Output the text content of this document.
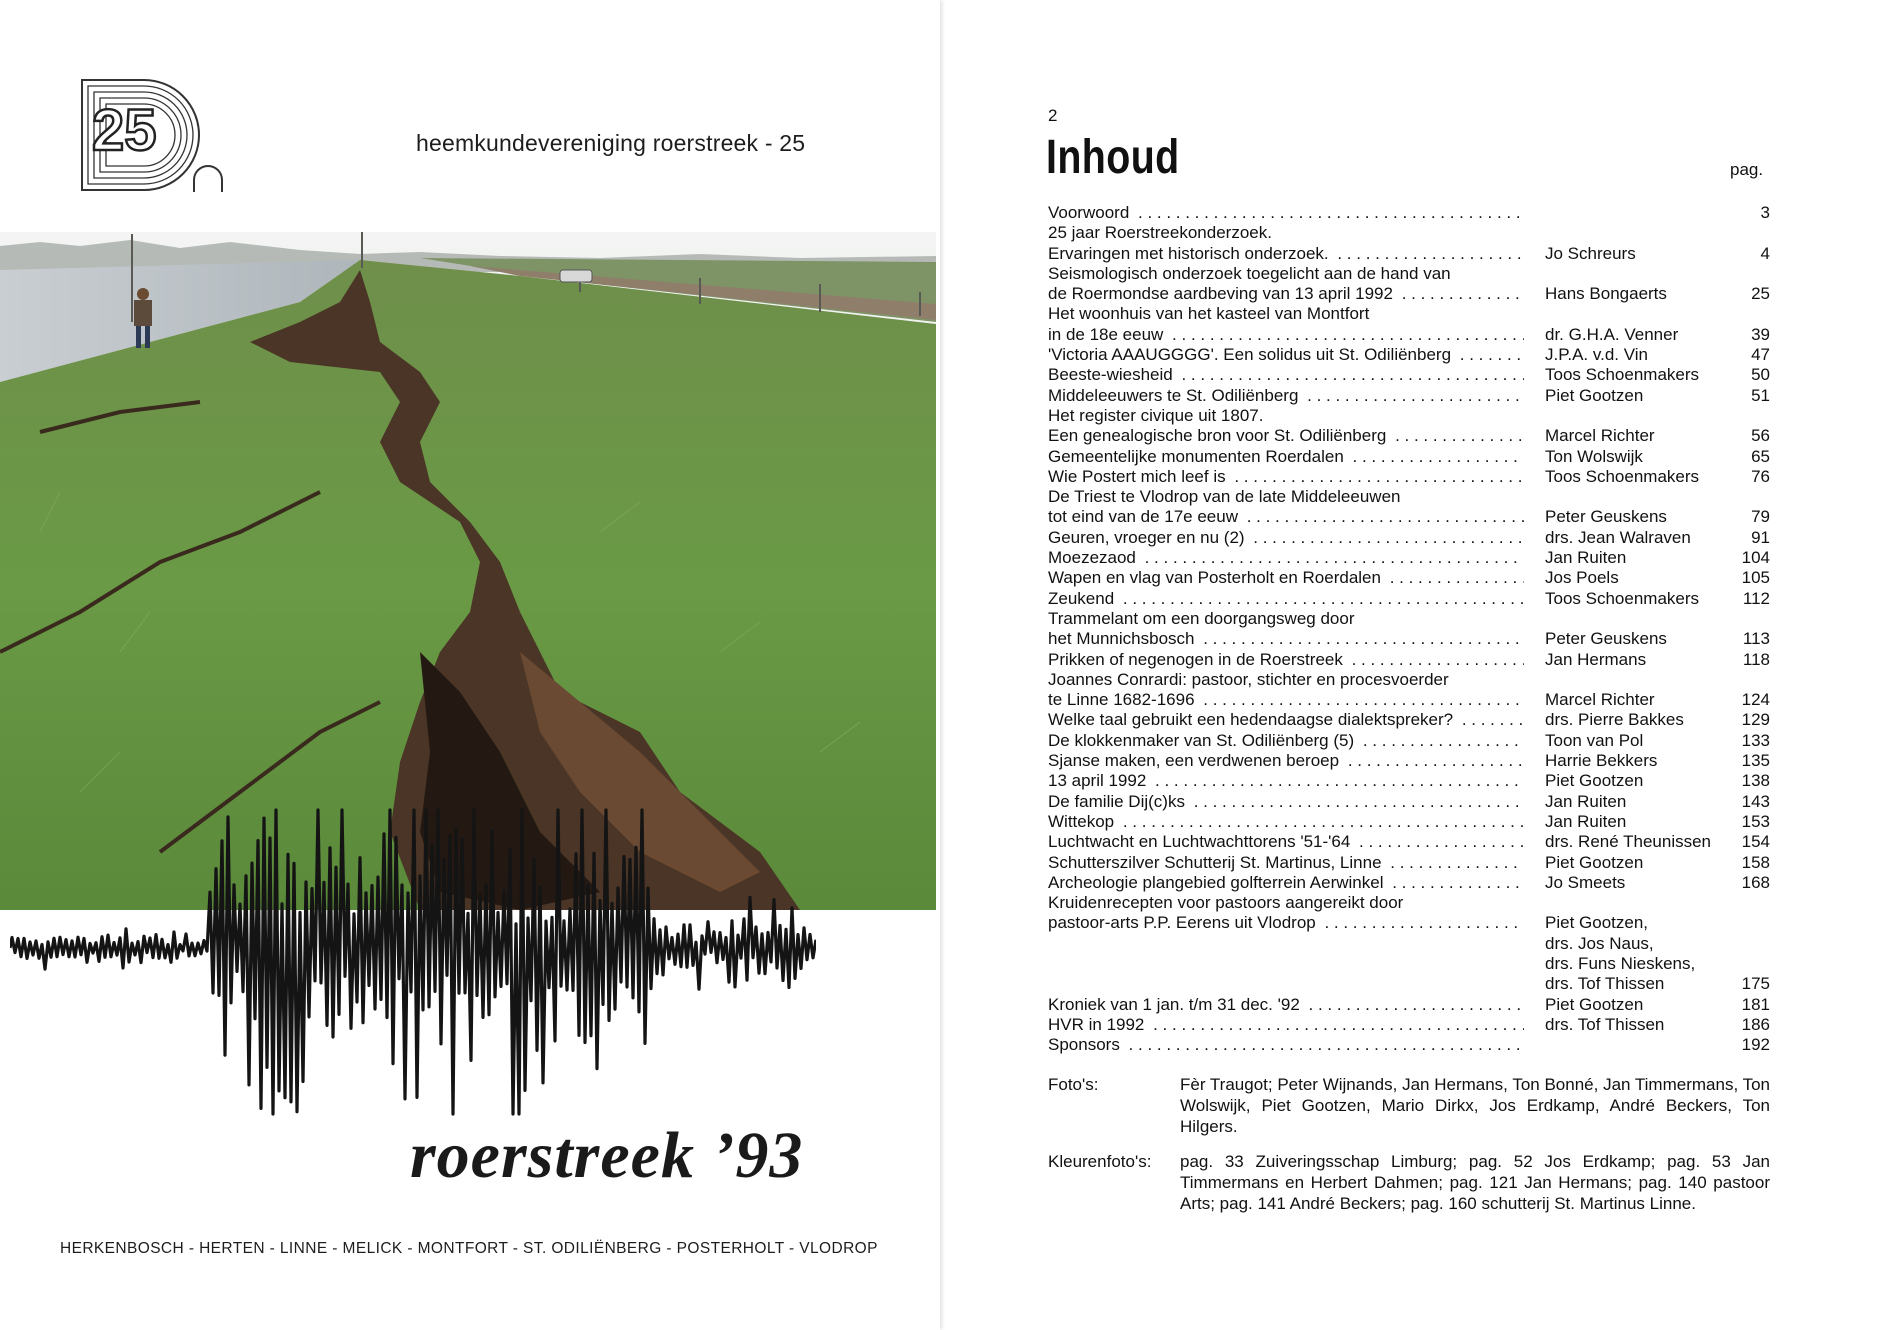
25	heemkundevereniging roerstreek - 25
roerstreek ’93
HERKENBOSCH - HERTEN - LINNE - MELICK - MONTFORT - ST. ODILIËNBERG - POSTERHOLT - VLODROP
2
Inhoud	pag.
Voorwoord . . .	3
25 jaar Roerstreekonderzoek.
Ervaringen met historisch onderzoek. . . .	Jo Schreurs	4
Seismologisch onderzoek toegelicht aan de hand van
de Roermondse aardbeving van 13 april 1992 . . .	Hans Bongaerts	25
Het woonhuis van het kasteel van Montfort
in de 18e eeuw . . .	dr. G.H.A. Venner	39
'Victoria AAAUGGGG'. Een solidus uit St. Odiliënberg . . .	J.P.A. v.d. Vin	47
Beeste-wiesheid . . .	Toos Schoenmakers	50
Middeleeuwers te St. Odiliënberg . . .	Piet Gootzen	51
Het register civique uit 1807.
Een genealogische bron voor St. Odiliënberg . . .	Marcel Richter	56
Gemeentelijke monumenten Roerdalen . . .	Ton Wolswijk	65
Wie Postert mich leef is . . .	Toos Schoenmakers	76
De Triest te Vlodrop van de late Middeleeuwen
tot eind van de 17e eeuw . . .	Peter Geuskens	79
Geuren, vroeger en nu (2) . . .	drs. Jean Walraven	91
Moezezaod . . .	Jan Ruiten	104
Wapen en vlag van Posterholt en Roerdalen . . .	Jos Poels	105
Zeukend . . .	Toos Schoenmakers	112
Trammelant om een doorgangsweg door
het Munnichsbosch . . .	Peter Geuskens	113
Prikken of negenogen in de Roerstreek . . .	Jan Hermans	118
Joannes Conrardi: pastoor, stichter en procesvoerder
te Linne 1682-1696 . . .	Marcel Richter	124
Welke taal gebruikt een hedendaagse dialektspreker? . . .	drs. Pierre Bakkes	129
De klokkenmaker van St. Odiliënberg (5) . . .	Toon van Pol	133
Sjanse maken, een verdwenen beroep . . .	Harrie Bekkers	135
13 april 1992 . . .	Piet Gootzen	138
De familie Dij(c)ks . . .	Jan Ruiten	143
Wittekop . . .	Jan Ruiten	153
Luchtwacht en Luchtwachttorens '51-'64 . . .	drs. René Theunissen	154
Schutterszilver Schutterij St. Martinus, Linne . . .	Piet Gootzen	158
Archeologie plangebied golfterrein Aerwinkel . . .	Jo Smeets	168
Kruidenrecepten voor pastoors aangereikt door
pastoor-arts P.P. Eerens uit Vlodrop . . .	Piet Gootzen,
drs. Jos Naus,
drs. Funs Nieskens,
drs. Tof Thissen	175
Kroniek van 1 jan. t/m 31 dec. '92 . . .	Piet Gootzen	181
HVR in 1992 . . .	drs. Tof Thissen	186
Sponsors . . .	192
Foto's:	Fèr Traugot; Peter Wijnands, Jan Hermans, Ton Bonné, Jan Timmermans, Ton Wolswijk, Piet Gootzen, Mario Dirkx, Jos Erdkamp, André Beckers, Ton Hilgers.
Kleurenfoto's: pag. 33 Zuiveringsschap Limburg; pag. 52 Jos Erdkamp; pag. 53 Jan Timmermans en Herbert Dahmen; pag. 121 Jan Hermans; pag. 140 pastoor Arts; pag. 141 André Beckers; pag. 160 schutterij St. Martinus Linne.
